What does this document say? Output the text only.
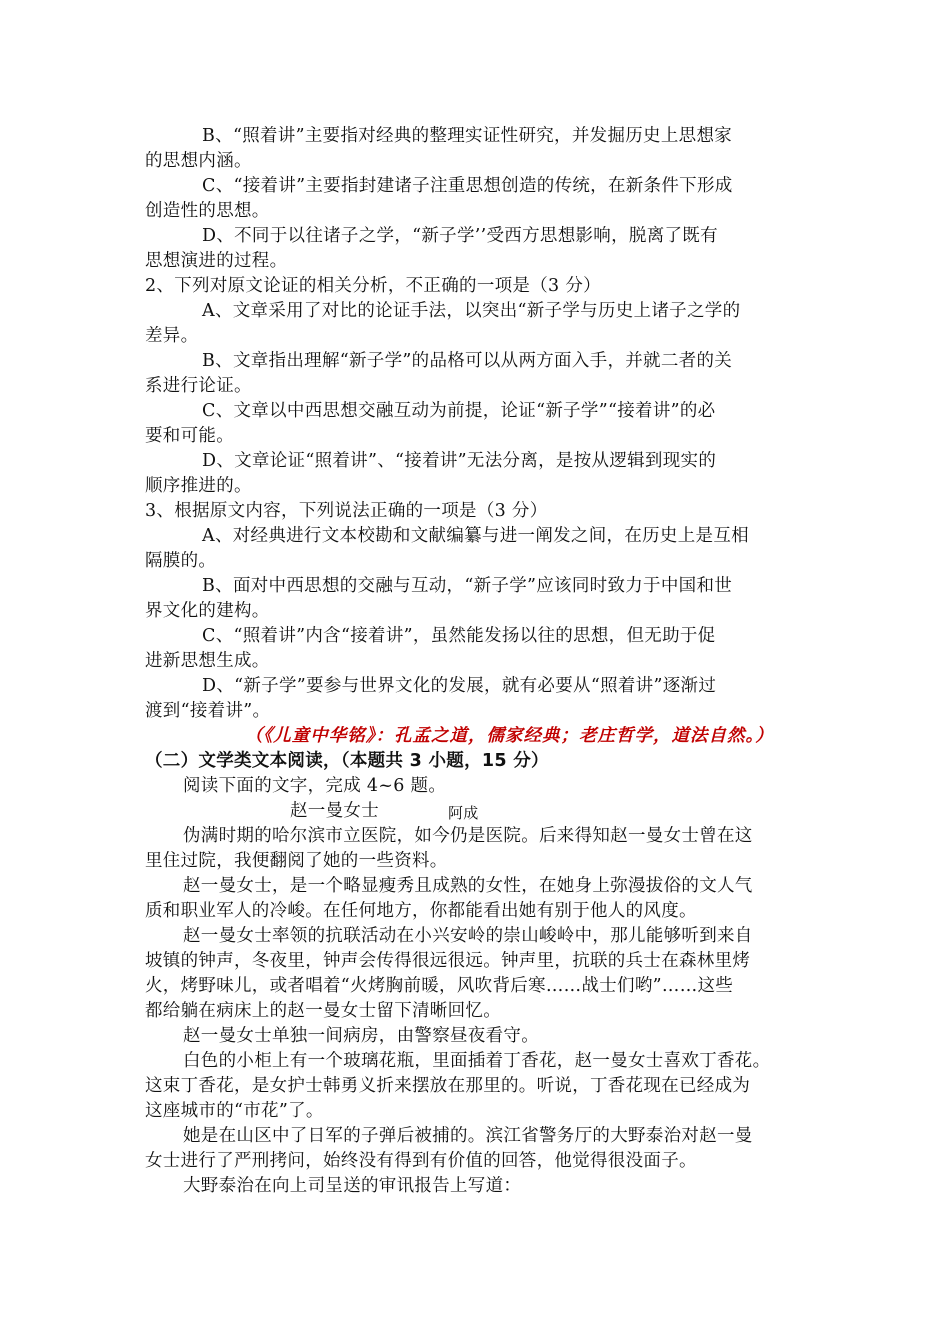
B、“照着讲”主要指对经典的整理实证性研究，并发掘历史上思想家
的思想内涵。
C、“接着讲”主要指封建诸子注重思想创造的传统，在新条件下形成
创造性的思想。
D、不同于以往诸子之学，“新子学’’受西方思想影响，脱离了既有
思想演进的过程。
2、下列对原文论证的相关分析，不正确的一项是（3 分）
A、文章采用了对比的论证手法，以突出“新子学与历史上诸子之学的
差异。
B、文章指出理解“新子学”的品格可以从两方面入手，并就二者的关
系进行论证。
C、文章以中西思想交融互动为前提，论证“新子学”“接着讲”的必
要和可能。
D、文章论证“照着讲”、“接着讲”无法分离，是按从逻辑到现实的
顺序推进的。
3、根据原文内容，下列说法正确的一项是（3 分）
A、对经典进行文本校勘和文献编纂与进一阐发之间，在历史上是互相
隔膜的。
B、面对中西思想的交融与互动，“新子学”应该同时致力于中国和世
界文化的建构。
C、“照着讲”内含“接着讲”，虽然能发扬以往的思想，但无助于促
进新思想生成。
D、“新子学”要参与世界文化的发展，就有必要从“照着讲”逐渐过
渡到“接着讲”。
（《儿童中华铭》：孔孟之道，儒家经典；老庄哲学，道法自然。）
（二）文学类文本阅读，（本题共 3 小题，15 分）
阅读下面的文字，完成 4~6 题。
赵一曼女士	阿成
伪满时期的哈尔滨市立医院，如今仍是医院。后来得知赵一曼女士曾在这
里住过院，我便翻阅了她的一些资料。
赵一曼女士，是一个略显瘦秀且成熟的女性，在她身上弥漫拔俗的文人气
质和职业军人的冷峻。在任何地方，你都能看出她有别于他人的风度。
赵一曼女士率领的抗联活动在小兴安岭的崇山峻岭中，那儿能够听到来自
坡镇的钟声，冬夜里，钟声会传得很远很远。钟声里，抗联的兵士在森林里烤
火，烤野味儿，或者唱着“火烤胸前暖，风吹背后寒……战士们哟”……这些
都给躺在病床上的赵一曼女士留下清晰回忆。
赵一曼女士单独一间病房，由警察昼夜看守。
白色的小柜上有一个玻璃花瓶，里面插着丁香花，赵一曼女士喜欢丁香花。
这束丁香花，是女护士韩勇义折来摆放在那里的。听说，丁香花现在已经成为
这座城市的“市花”了。
她是在山区中了日军的子弹后被捕的。滨江省警务厅的大野泰治对赵一曼
女士进行了严刑拷问，始终没有得到有价值的回答，他觉得很没面子。
大野泰治在向上司呈送的审讯报告上写道：
